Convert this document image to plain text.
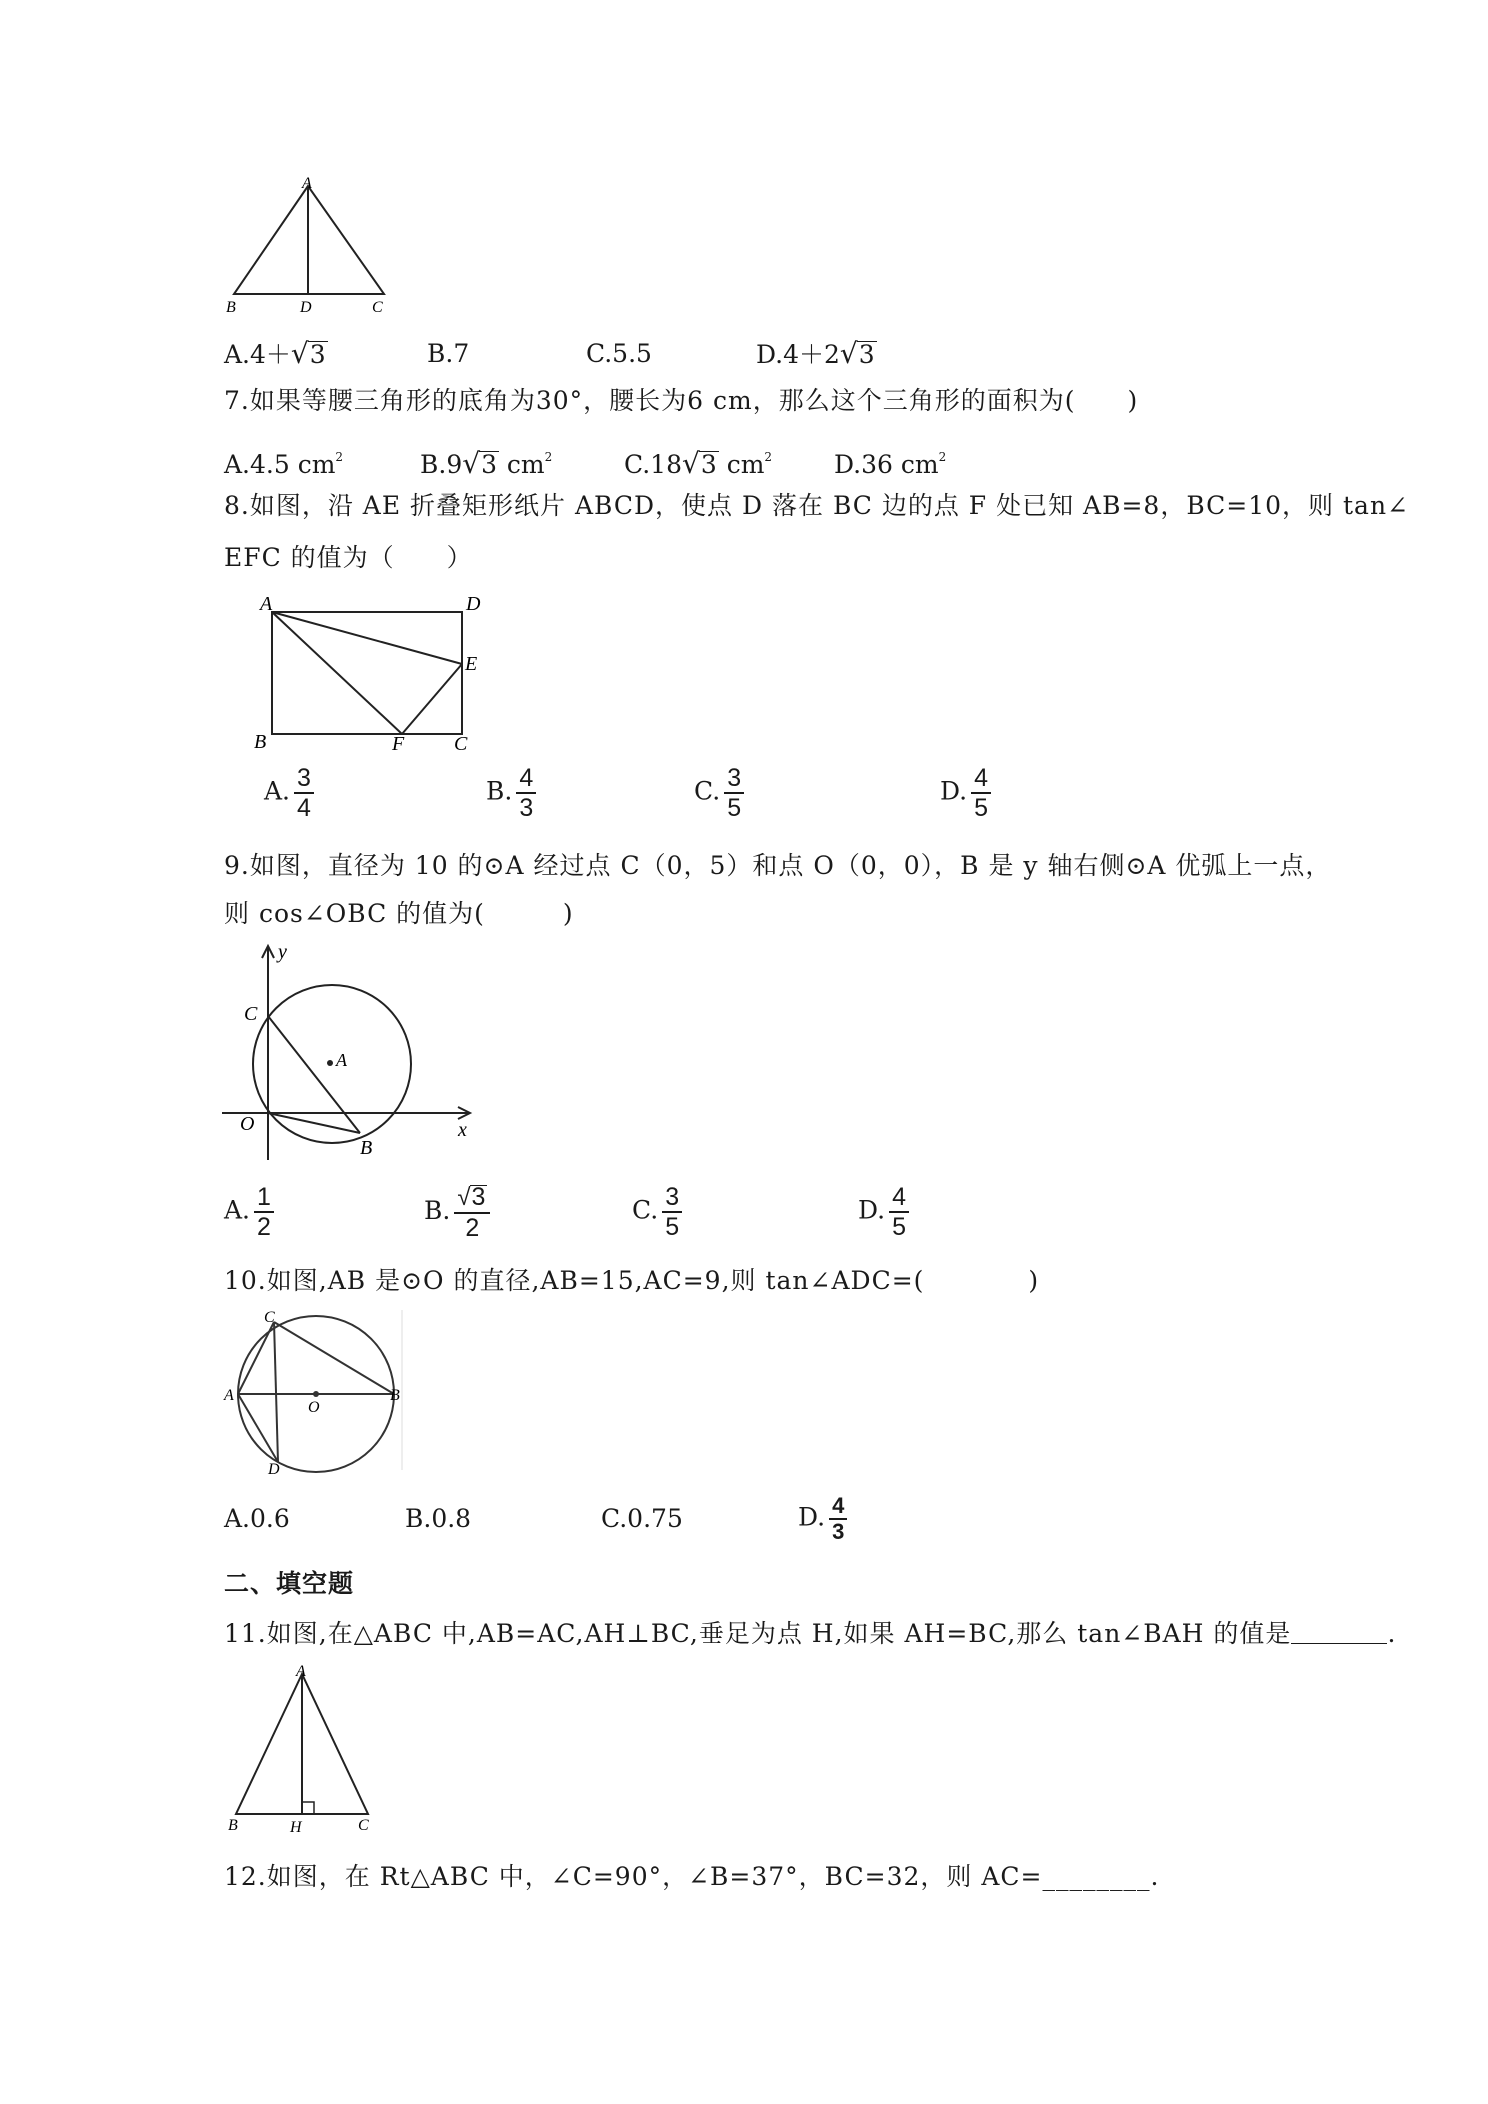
A
B	D	C
A.4＋√3	B.7	C.5.5	D.4＋2√3
7.如果等腰三角形的底角为30°，腰长为6 cm，那么这个三角形的面积为(　　)
A.4.5 $cm^2$	B.9√3 $cm^2$	C.18√3 $cm^2$ D.36 $cm^2$
8.如图，沿 AE 折叠矩形纸片 ABCD，使点 D 落在 BC 边的点 F 处已知 AB=8，BC=10，则 tan∠
EFC 的值为（　　）
A	D
E
B	F C
A. $\frac{3}{4}$	B. $\frac{4}{3}$	C. $\frac{3}{5}$	D. $\frac{4}{5}$
9.如图，直径为 10 的⊙A 经过点 C（0，5）和点 O（0，0），B 是 y 轴右侧⊙A 优弧上一点，
则 cos∠OBC 的值为(　　　)
y
C
A
O	x
B
A. $\frac{1}{2}$	B. $\frac{√3}{2}$	C. $\frac{3}{5}$	D. $\frac{4}{5}$
10.如图,AB 是⊙O 的直径,AB=15,AC=9,则 tan∠ADC=(　　　　)
C
A
O
B
D
A.0.6	B.0.8	C.0.75	D. $\frac{4}{3}$
二、填空题
11.如图,在△ABC 中,AB=AC,AH⊥BC,垂足为点 H,如果 AH=BC,那么 tan∠BAH 的值是	.
A
B	H	C
12.如图，在 Rt△ABC 中，∠C=90°，∠B=37°，BC=32，则 AC=________.
